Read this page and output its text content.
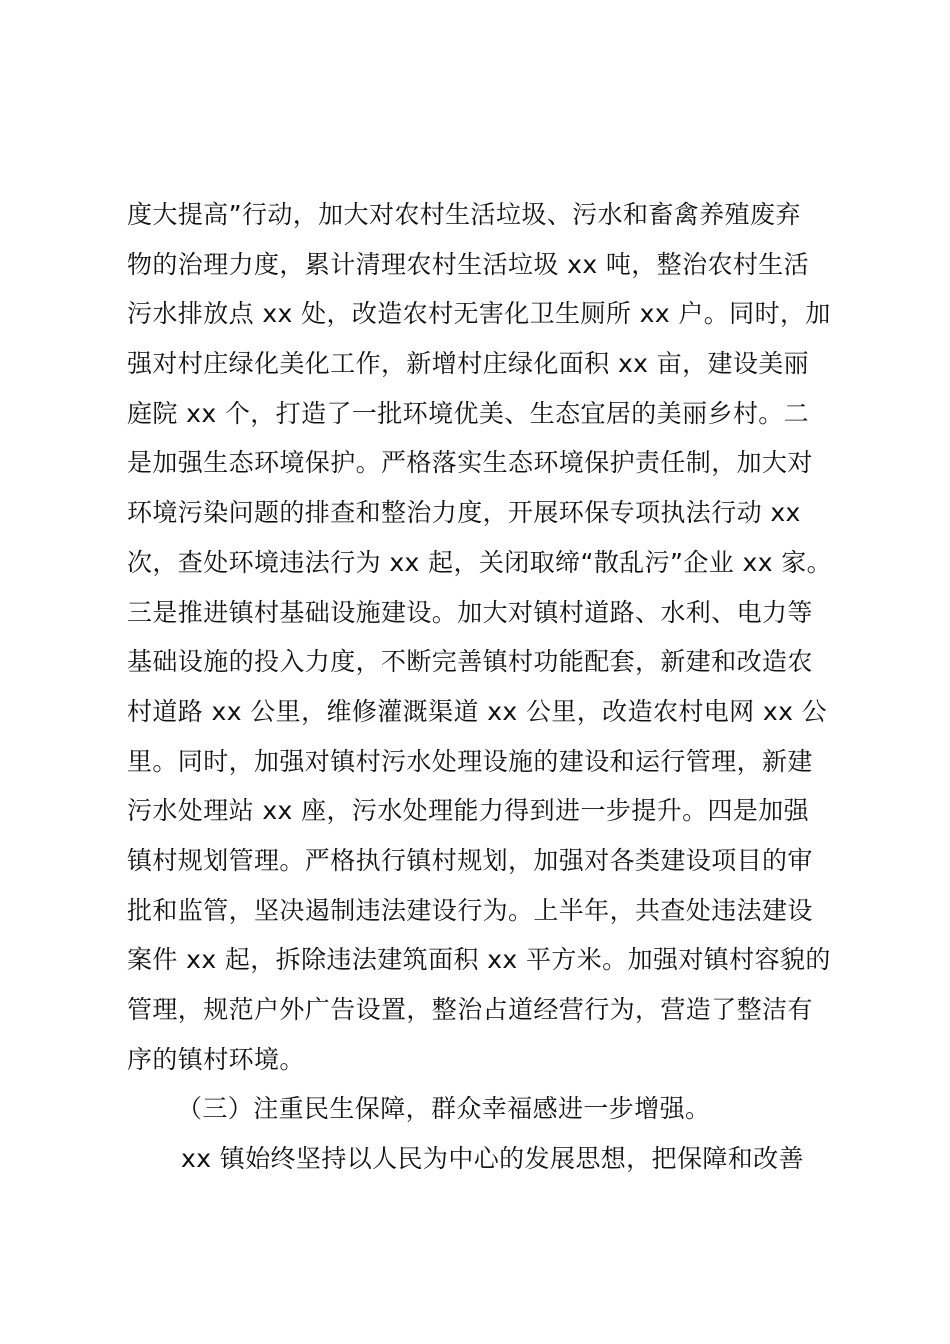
度大提高”行动，加大对农村生活垃圾、污水和畜禽养殖废弃
物的治理力度，累计清理农村生活垃圾 xx 吨，整治农村生活
污水排放点 xx 处，改造农村无害化卫生厕所 xx 户。同时，加
强对村庄绿化美化工作，新增村庄绿化面积 xx 亩，建设美丽
庭院 xx 个，打造了一批环境优美、生态宜居的美丽乡村。二
是加强生态环境保护。严格落实生态环境保护责任制，加大对
环境污染问题的排查和整治力度，开展环保专项执法行动 xx
次，查处环境违法行为 xx 起，关闭取缔“散乱污”企业 xx 家。
三是推进镇村基础设施建设。加大对镇村道路、水利、电力等
基础设施的投入力度，不断完善镇村功能配套，新建和改造农
村道路 xx 公里，维修灌溉渠道 xx 公里，改造农村电网 xx 公
里。同时，加强对镇村污水处理设施的建设和运行管理，新建
污水处理站 xx 座，污水处理能力得到进一步提升。四是加强
镇村规划管理。严格执行镇村规划，加强对各类建设项目的审
批和监管，坚决遏制违法建设行为。上半年，共查处违法建设
案件 xx 起，拆除违法建筑面积 xx 平方米。加强对镇村容貌的
管理，规范户外广告设置，整治占道经营行为，营造了整洁有
序的镇村环境。
（三）注重民生保障，群众幸福感进一步增强。
xx 镇始终坚持以人民为中心的发展思想，把保障和改善
